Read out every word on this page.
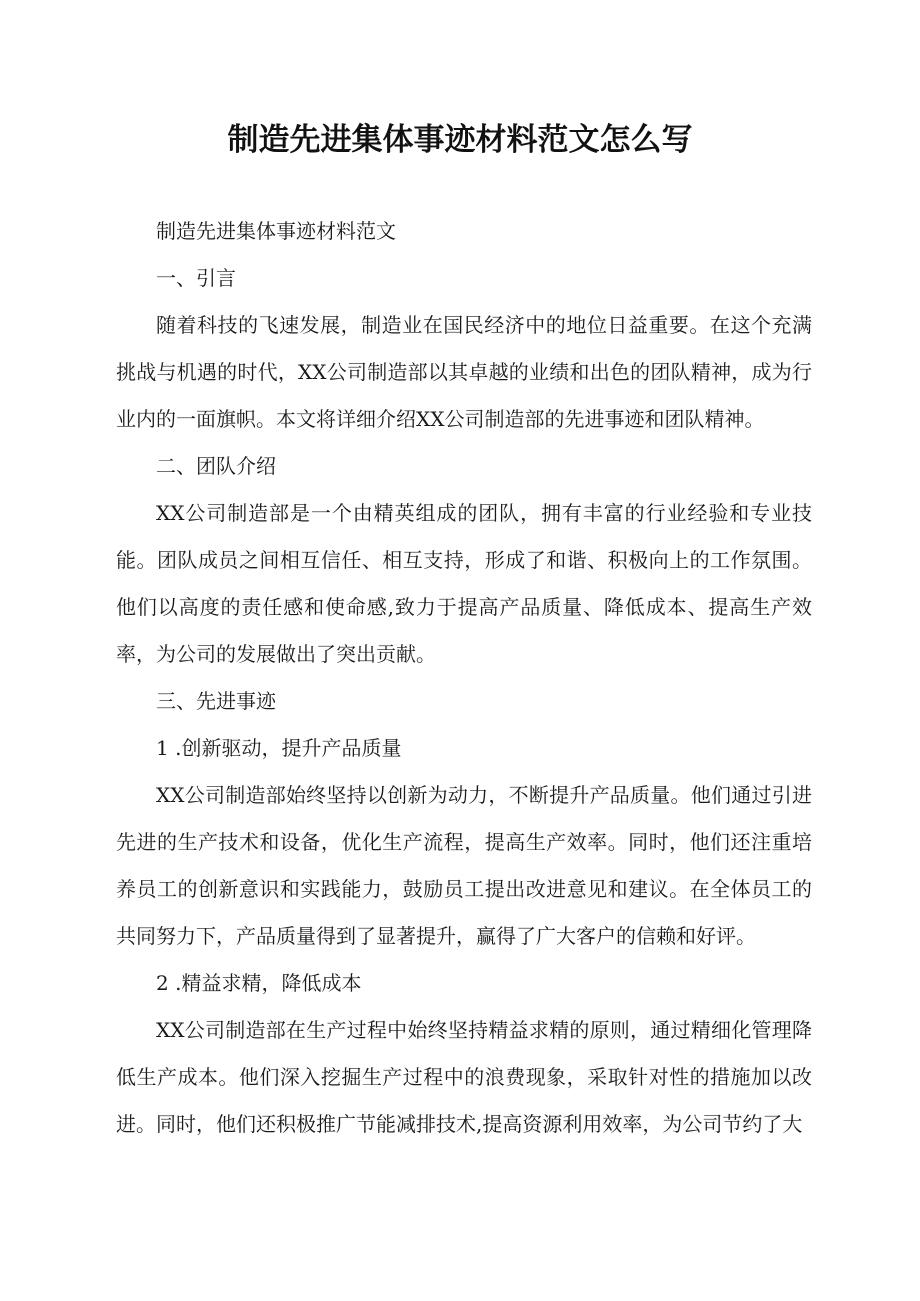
制造先进集体事迹材料范文怎么写

制造先进集体事迹材料范文

一、引言

随着科技的飞速发展，制造业在国民经济中的地位日益重要。在这个充满挑战与机遇的时代，XX公司制造部以其卓越的业绩和出色的团队精神，成为行业内的一面旗帜。本文将详细介绍XX公司制造部的先进事迹和团队精神。

二、团队介绍

XX公司制造部是一个由精英组成的团队，拥有丰富的行业经验和专业技能。团队成员之间相互信任、相互支持，形成了和谐、积极向上的工作氛围。他们以高度的责任感和使命感,致力于提高产品质量、降低成本、提高生产效率，为公司的发展做出了突出贡献。

三、先进事迹

1 .创新驱动，提升产品质量

XX公司制造部始终坚持以创新为动力，不断提升产品质量。他们通过引进先进的生产技术和设备，优化生产流程，提高生产效率。同时，他们还注重培养员工的创新意识和实践能力，鼓励员工提出改进意见和建议。在全体员工的共同努力下，产品质量得到了显著提升，赢得了广大客户的信赖和好评。

2 .精益求精，降低成本

XX公司制造部在生产过程中始终坚持精益求精的原则，通过精细化管理降低生产成本。他们深入挖掘生产过程中的浪费现象，采取针对性的措施加以改进。同时，他们还积极推广节能减排技术,提高资源利用效率，为公司节约了大
